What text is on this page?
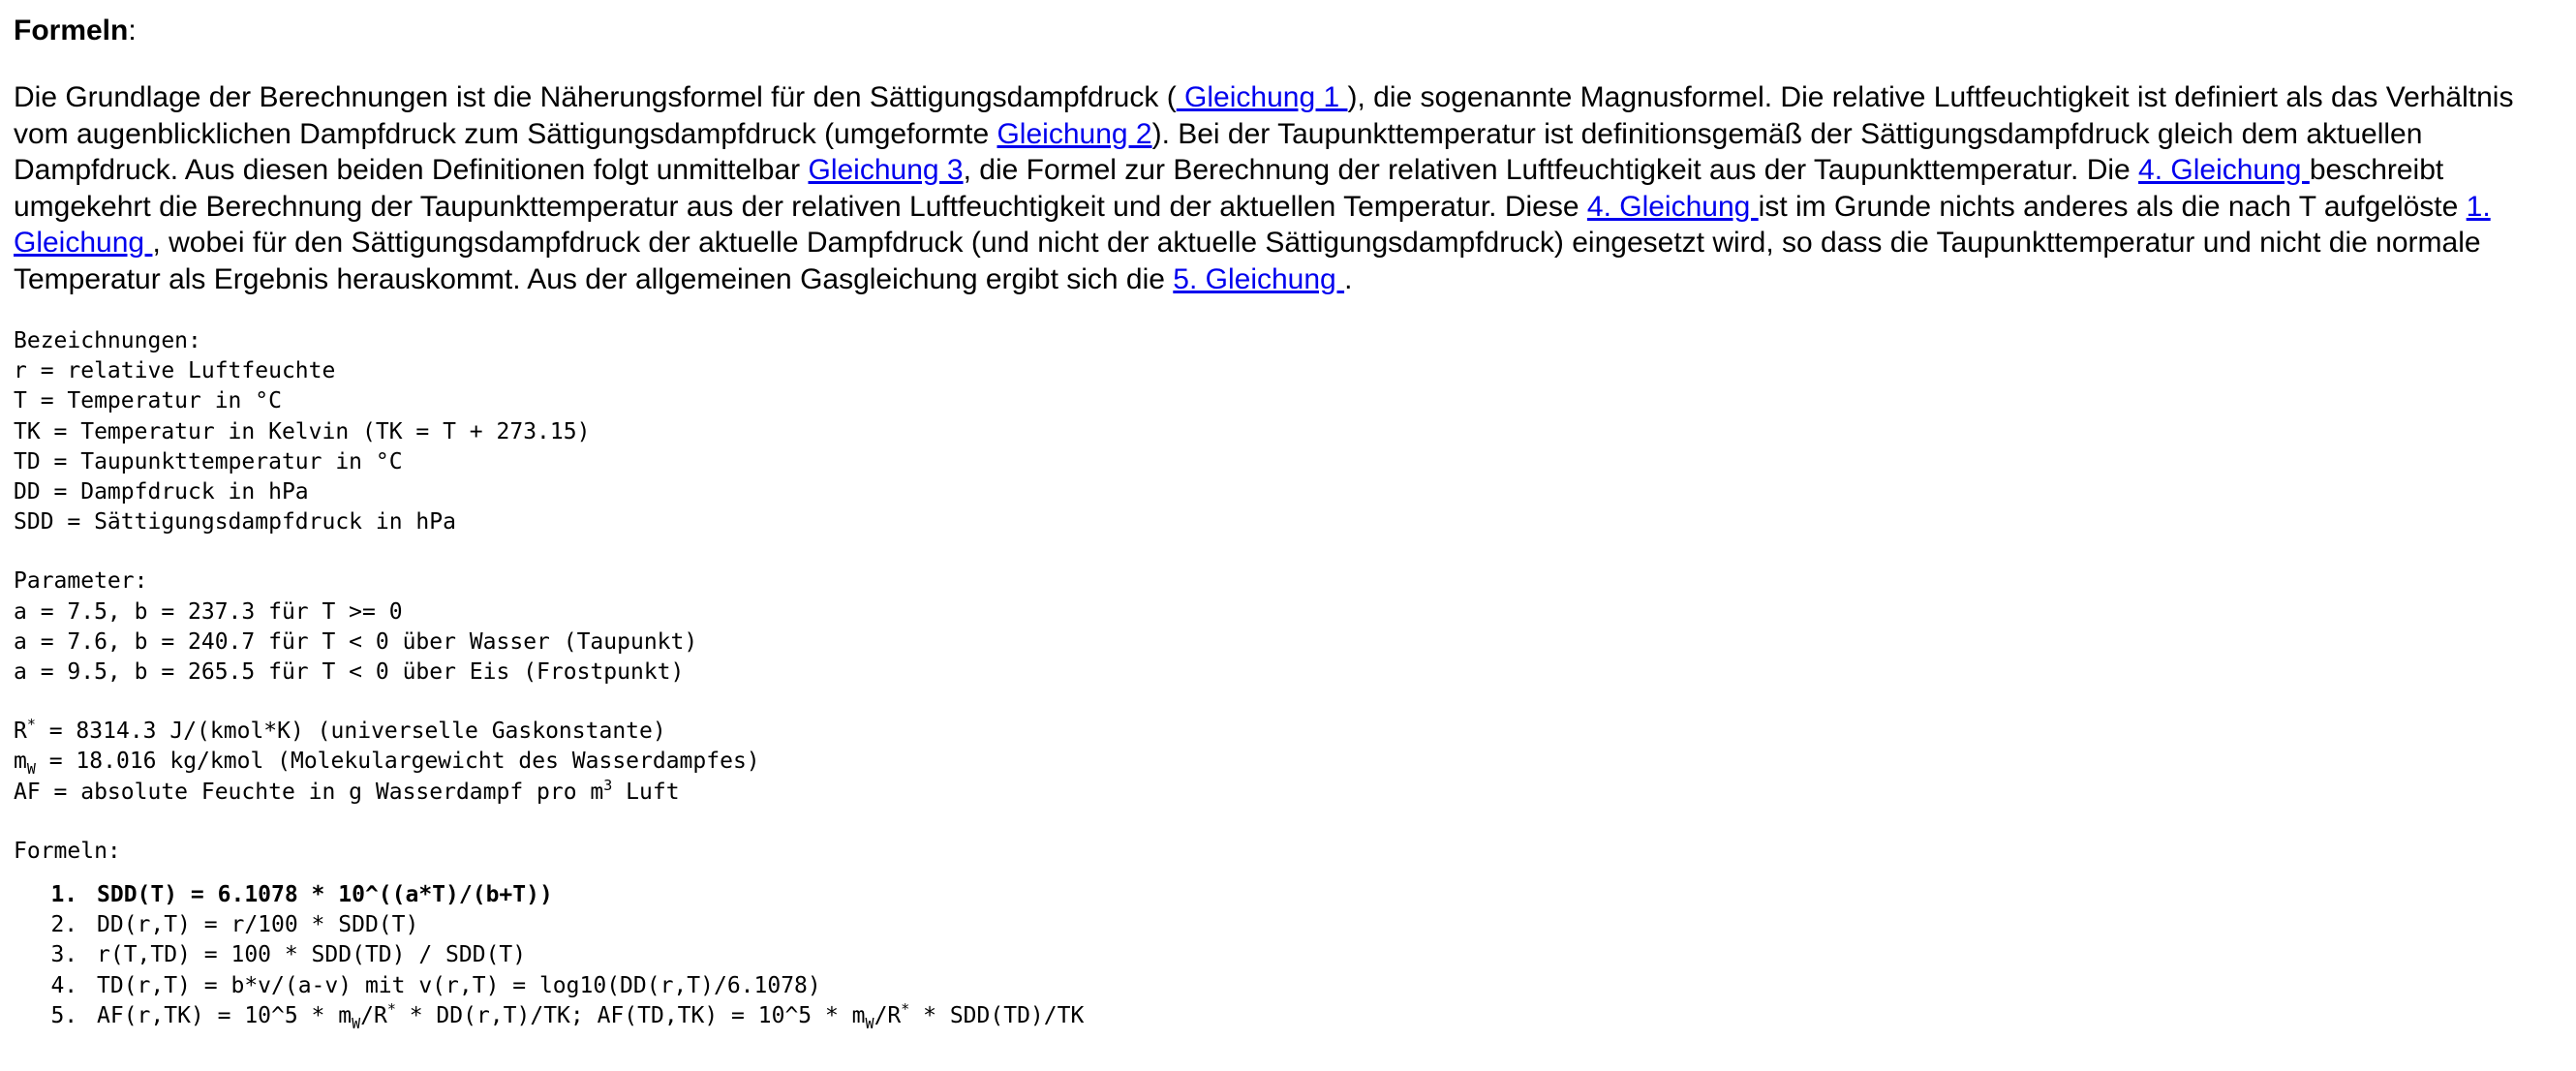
Formeln:
Die Grundlage der Berechnungen ist die Näherungsformel für den Sättigungsdampfdruck ( Gleichung 1 ), die sogenannte Magnusformel. Die relative Luftfeuchtigkeit ist definiert als das Verhältnis vom augenblicklichen Dampfdruck zum Sättigungsdampfdruck (umgeformte Gleichung 2). Bei der Taupunkttemperatur ist definitionsgemäß der Sättigungsdampfdruck gleich dem aktuellen Dampfdruck. Aus diesen beiden Definitionen folgt unmittelbar Gleichung 3, die Formel zur Berechnung der relativen Luftfeuchtigkeit aus der Taupunkttemperatur. Die 4. Gleichung beschreibt umgekehrt die Berechnung der Taupunkttemperatur aus der relativen Luftfeuchtigkeit und der aktuellen Temperatur. Diese 4. Gleichung ist im Grunde nichts anderes als die nach T aufgelöste 1. Gleichung , wobei für den Sättigungsdampfdruck der aktuelle Dampfdruck (und nicht der aktuelle Sättigungsdampfdruck) eingesetzt wird, so dass die Taupunkttemperatur und nicht die normale Temperatur als Ergebnis herauskommt. Aus der allgemeinen Gasgleichung ergibt sich die 5. Gleichung .
Bezeichnungen:
r = relative Luftfeuchte
T = Temperatur in °C
TK = Temperatur in Kelvin (TK = T + 273.15)
TD = Taupunkttemperatur in °C
DD = Dampfdruck in hPa
SDD = Sättigungsdampfdruck in hPa
Parameter:
a = 7.5, b = 237.3 für T >= 0
a = 7.6, b = 240.7 für T < 0 über Wasser (Taupunkt)
a = 9.5, b = 265.5 für T < 0 über Eis (Frostpunkt)
R* = 8314.3 J/(kmol*K) (universelle Gaskonstante)
$m_W = 18.016$ kg/kmol (Molekulargewicht des Wasserdampfes)
AF = absolute Feuchte in g Wasserdampf pro $m^3$ Luft
Formeln:
1. SDD(T) = 6.1078 * 10^((a*T)/(b+T))
2. DD(r,T) = r/100 * SDD(T)
3. r(T,TD) = 100 * SDD(TD) / SDD(T)
4. TD(r,T) = b*v/(a-v) mit v(r,T) = log10(DD(r,T)/6.1078)
5. AF(r,TK) = 10^5 * $m_W/R^* * DD(r,T)/TK$; AF(TD,TK) = 10^5 * $m_W/R^* * SDD(TD)/TK$
